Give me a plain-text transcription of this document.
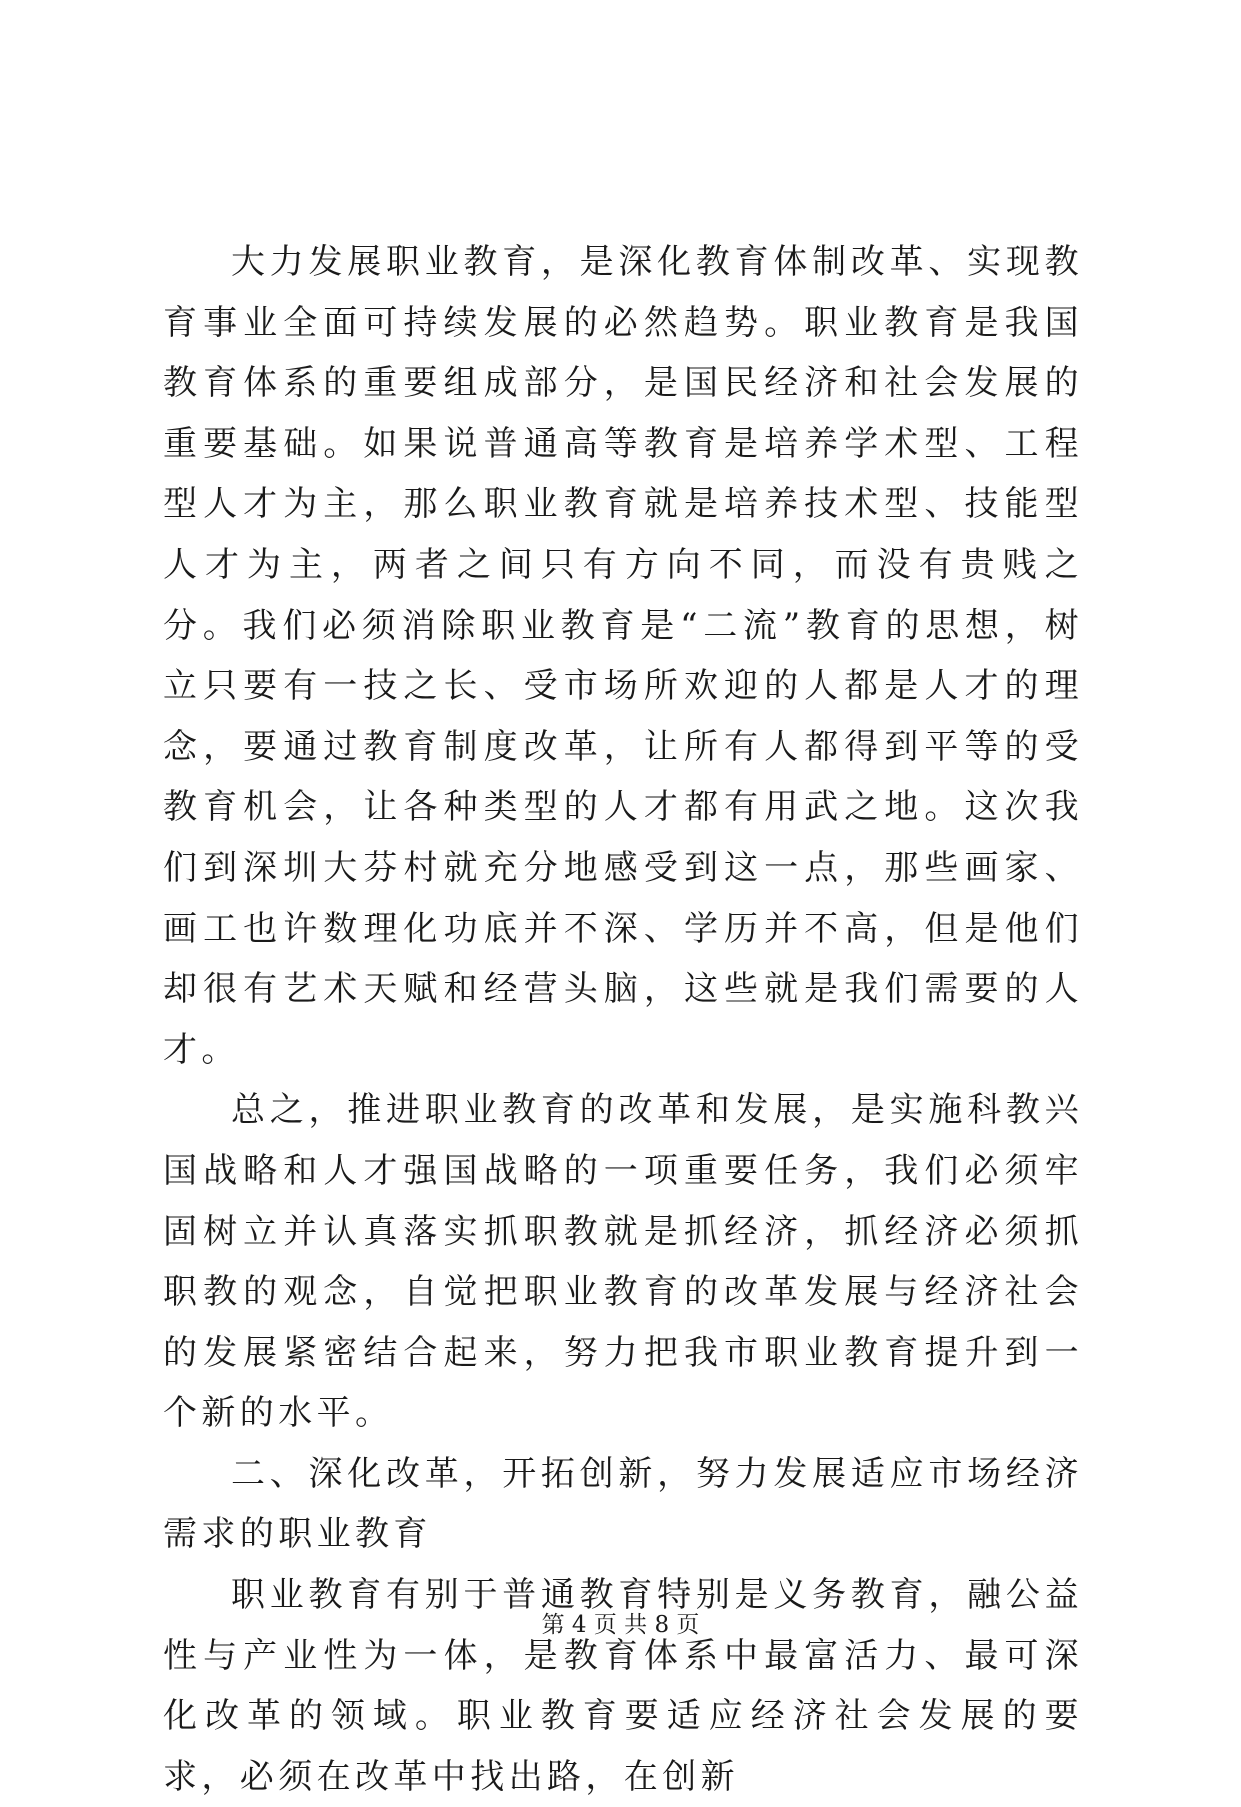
大力发展职业教育，是深化教育体制改革、实现教育事业全面可持续发展的必然趋势。职业教育是我国教育体系的重要组成部分，是国民经济和社会发展的重要基础。如果说普通高等教育是培养学术型、工程型人才为主，那么职业教育就是培养技术型、技能型人才为主，两者之间只有方向不同，而没有贵贱之分。我们必须消除职业教育是“二流”教育的思想，树立只要有一技之长、受市场所欢迎的人都是人才的理念，要通过教育制度改革，让所有人都得到平等的受教育机会，让各种类型的人才都有用武之地。这次我们到深圳大芬村就充分地感受到这一点，那些画家、画工也许数理化功底并不深、学历并不高，但是他们却很有艺术天赋和经营头脑，这些就是我们需要的人才。

总之，推进职业教育的改革和发展，是实施科教兴国战略和人才强国战略的一项重要任务，我们必须牢固树立并认真落实抓职教就是抓经济，抓经济必须抓职教的观念，自觉把职业教育的改革发展与经济社会的发展紧密结合起来，努力把我市职业教育提升到一个新的水平。

二、深化改革，开拓创新，努力发展适应市场经济需求的职业教育

职业教育有别于普通教育特别是义务教育，融公益性与产业性为一体，是教育体系中最富活力、最可深化改革的领域。职业教育要适应经济社会发展的要求，必须在改革中找出路，在创新

第 4 页 共 8 页
